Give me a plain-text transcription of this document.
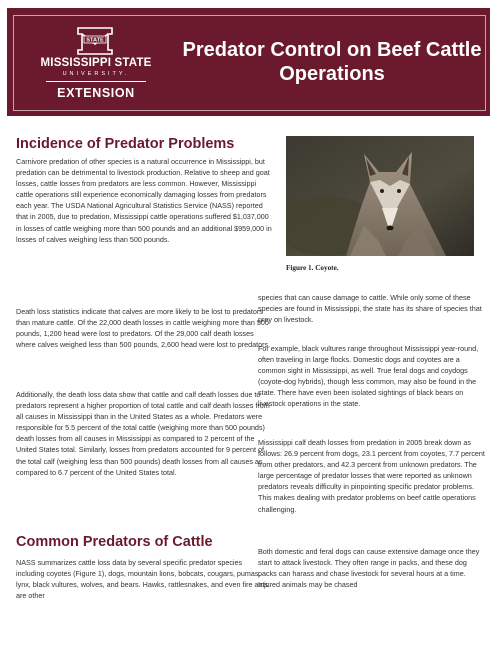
STATE
MISSISSIPPI STATE
UNIVERSITY.
EXTENSION
Predator Control on Beef Cattle Operations
Incidence of Predator Problems

Carnivore predation of other species is a natural occurrence in Mississippi, but predation can be detrimental to livestock production. Relative to sheep and goat losses, cattle losses from predators are less common. However, Mississippi cattle operations still experience economically damaging losses from predators each year. The USDA National Agricultural Statistics Service (NASS) reported that in 2005, due to predation, Mississippi cattle operations suffered $1,037,000 in losses of cattle weighing more than 500 pounds and an additional $959,000 in losses of calves weighing less than 500 pounds.

Death loss statistics indicate that calves are more likely to be lost to predators than mature cattle. Of the 22,000 death losses in cattle weighing more than 500 pounds, 1,200 head were lost to predators. Of the 29,000 calf death losses where calves weighed less than 500 pounds, 2,600 head were lost to predators.

Additionally, the death loss data show that cattle and calf death losses due to predators represent a higher proportion of total cattle and calf death losses from all causes in Mississippi than in the United States as a whole. Predators were responsible for 5.5 percent of the total cattle (weighing more than 500 pounds) death losses from all causes in Mississippi as compared to 2 percent of the United States total. Similarly, losses from predators accounted for 9 percent of the total calf (weighing less than 500 pounds) death losses from all causes as compared to 6.7 percent of the United States total.

Common Predators of Cattle

NASS summarizes cattle loss data by several specific predator species including coyotes (Figure 1), dogs, mountain lions, bobcats, cougars, pumas, lynx, black vultures, wolves, and bears. Hawks, rattlesnakes, and even fire ants are other

Figure 1. Coyote.

species that can cause damage to cattle. While only some of these species are found in Mississippi, the state has its share of species that prey on livestock.

For example, black vultures range throughout Mississippi year-round, often traveling in large flocks. Domestic dogs and coyotes are a common sight in Mississippi, as well. True feral dogs and coydogs (coyote-dog hybrids), though less common, may also be found in the state. There have even been isolated sightings of black bears on livestock operations in the state.

Mississippi calf death losses from predation in 2005 break down as follows: 26.9 percent from dogs, 23.1 percent from coyotes, 7.7 percent from other predators, and 42.3 percent from unknown predators. The large percentage of predator losses that were reported as unknown predators reveals difficulty in pinpointing specific predator problems. This makes dealing with predator problems on beef cattle operations challenging.

Both domestic and feral dogs can cause extensive damage once they start to attack livestock. They often range in packs, and these dog packs can harass and chase livestock for several hours at a time. Injured animals may be chased
